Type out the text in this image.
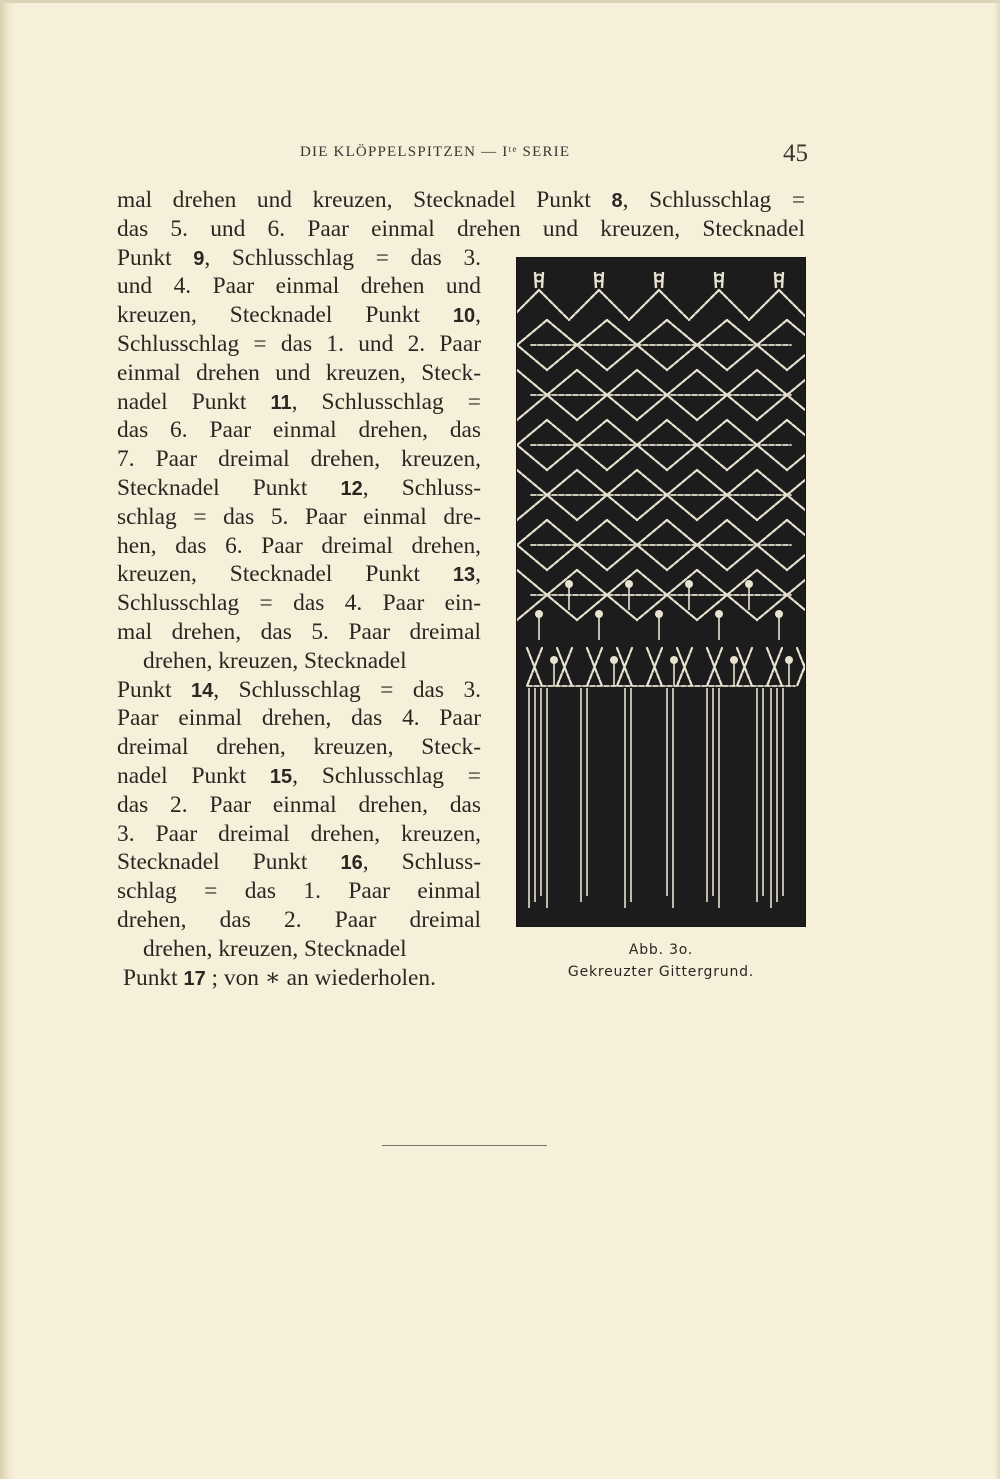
DIE KLÖPPELSPITZEN — Iᵗᵉ SERIE	45
mal drehen und kreuzen, Stecknadel Punkt 8, Schlusschlag =
das 5. und 6. Paar einmal drehen und kreuzen, Stecknadel
Punkt 9, Schlusschlag = das 3.
und 4. Paar einmal drehen und
kreuzen, Stecknadel Punkt 10,
Schlusschlag = das 1. und 2. Paar
einmal drehen und kreuzen, Steck-
nadel Punkt 11, Schlusschlag =
das 6. Paar einmal drehen, das
7. Paar dreimal drehen, kreuzen,
Stecknadel Punkt 12, Schluss-
schlag = das 5. Paar einmal dre-
hen, das 6. Paar dreimal drehen,
kreuzen, Stecknadel Punkt 13,
Schlusschlag = das 4. Paar ein-
mal drehen, das 5. Paar dreimal
drehen, kreuzen, Stecknadel
Punkt 14, Schlusschlag = das 3.
Paar einmal drehen, das 4. Paar
dreimal drehen, kreuzen, Steck-
nadel Punkt 15, Schlusschlag =
das 2. Paar einmal drehen, das
3. Paar dreimal drehen, kreuzen,
Stecknadel Punkt 16, Schluss-
schlag = das 1. Paar einmal
drehen, das 2. Paar dreimal
drehen, kreuzen, Stecknadel
Punkt 17 ; von ∗ an wiederholen.
Abb. 3o.
Gekreuzter Gittergrund.
